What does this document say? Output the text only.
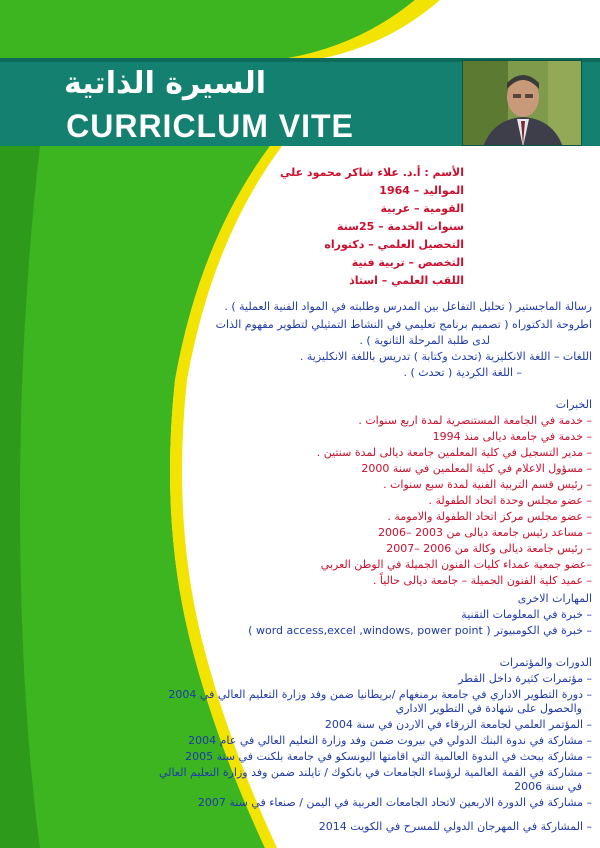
السيرة الذاتية
CURRICLUM VITE
الأسم : أ.د. علاء شاكر محمود علي
المواليد – 1964
القومية – عربية
سنوات الخدمة – 25سنة
التحصيل العلمي – دكتوراه
التخصص – تربية فنية
اللقب العلمي – استاذ
رسالة الماجستير ( تحليل التفاعل بين المدرس وطلبته في المواد الفنية العملية ) .
اطروحة الدكتوراه ( تصميم برنامج تعليمي في النشاط التمثيلي لتطوير مفهوم الذات
لدى طلبة المرحلة الثانوية ) .
اللغات – اللغة الانكليزية (تحدث وكتابة ) تدريس باللغة الانكليزية .
– اللغة الكردية ( تحدث ) .
الخبرات
– خدمة في الجامعة المستنصرية لمدة اربع سنوات .
– خدمة في جامعة ديالى منذ 1994
– مدير التسجيل في كلية المعلمين جامعة ديالى لمدة سنتين .
– مسؤول الاعلام في كلية المعلمين في سنة 2000
– رئيس قسم التربية الفنية لمدة سبع سنوات .
– عضو مجلس وحدة اتحاد الطفولة .
– عضو مجلس مركز اتحاد الطفولة والامومة .
– مساعد رئيس جامعة ديالى من 2003 –2006
– رئيس جامعة ديالى وكالة من 2006 –2007
–عضو جمعية عمداء كليات الفنون الجميلة في الوطن العربي
– عميد كلية الفنون الجميلة – جامعة ديالى حالياً .
المهارات الاخرى
– خبرة في المعلومات التقنية
– خبرة في الكومبيوتر ( word access,excel ,windows, power point )
الدورات والمؤتمرات
– مؤتمرات كثيرة داخل القطر
– دورة التطوير الاداري في جامعة برمنغهام /بريطانيا ضمن وفد وزارة التعليم العالي في 2004
والحصول على شهادة في التطوير الاداري
– المؤتمر العلمي لجامعة الزرقاء في الاردن في سنة 2004
– مشاركة في ندوة البنك الدولي في بيروت ضمن وفد وزارة التعليم العالي في عام 2004
– مشاركة ببحث في الندوة العالمية التي اقامتها اليونسكو في جامعة بلكنت في سنة 2005
– مشاركة في القمة العالمية لرؤساء الجامعات في بانكوك / تايلند ضمن وفد وزارة التعليم العالي
في سنة 2006
– مشاركة في الدورة الاربعين لاتحاد الجامعات العربية في اليمن / صنعاء في سنة 2007
– المشاركة في المهرجان الدولي للمسرح في الكويت 2014
